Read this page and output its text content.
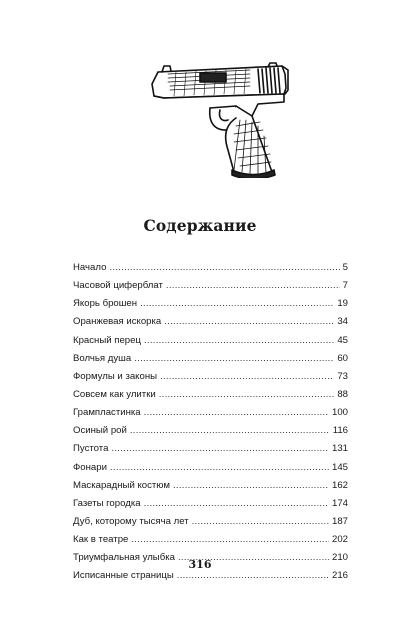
Содержание
Начало . . .	5
Часовой циферблат . . .	7
Якорь брошен . . .	19
Оранжевая искорка . . .	34
Красный перец . . .	45
Волчья душа . . .	60
Формулы и законы . . .	73
Совсем как улитки . . .	88
Грампластинка . . .	100
Осиный рой . . .	116
Пустота . . .	131
Фонари . . .	145
Маскарадный костюм . . .	162
Газеты городка . . .	174
Дуб, которому тысяча лет . . .	187
Как в театре . . .	202
Триумфальная улыбка . . .	210
Исписанные страницы . . .	216
316
